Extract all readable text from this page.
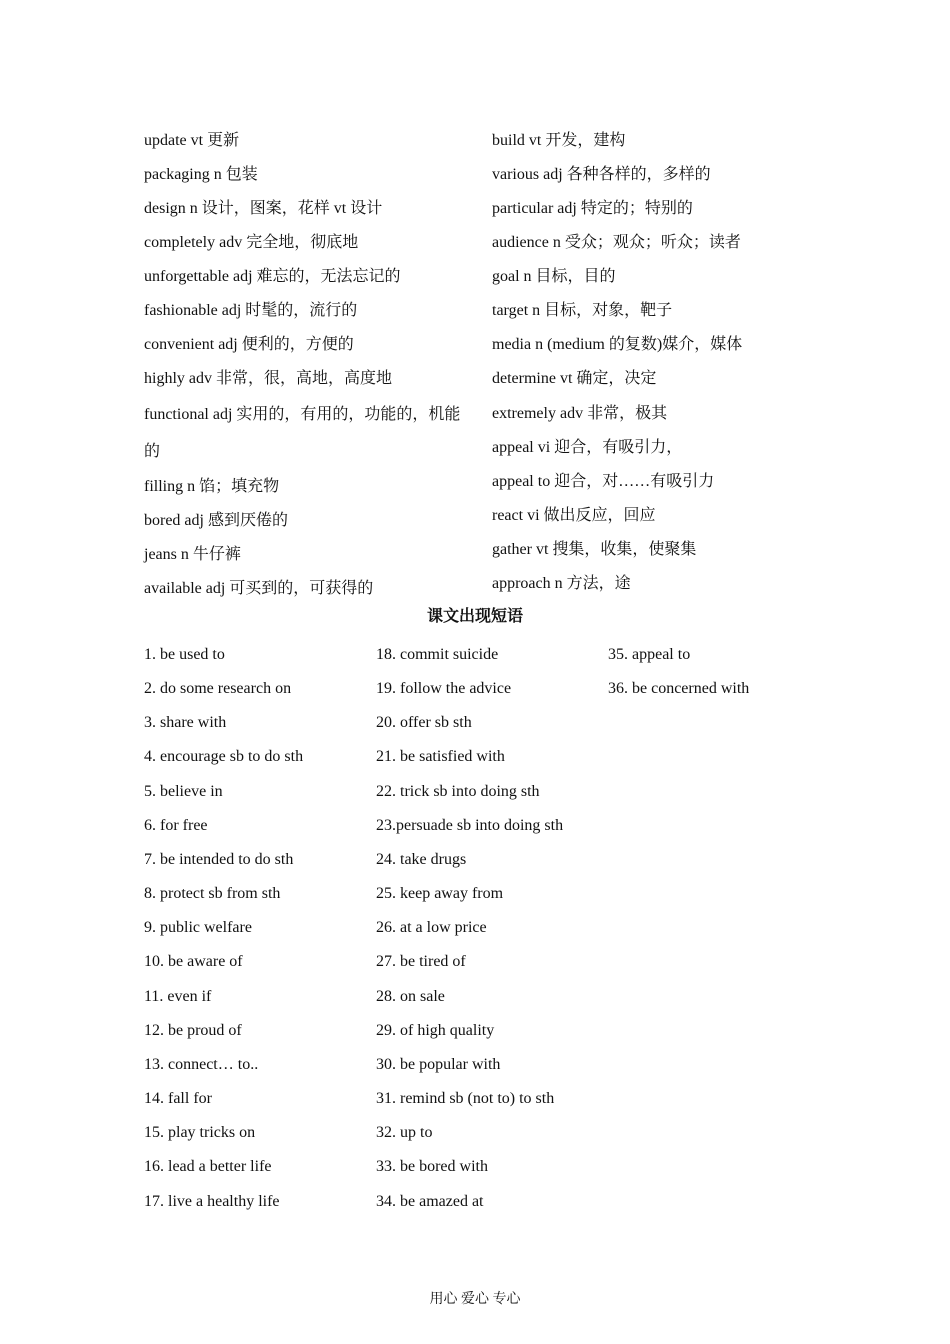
update vt 更新
packaging n 包装
design n 设计，图案，花样 vt 设计
completely adv 完全地，彻底地
unforgettable adj 难忘的，无法忘记的
fashionable adj 时髦的，流行的
convenient adj 便利的，方便的
highly adv 非常，很，高地，高度地
functional adj 实用的，有用的，功能的，机能的
filling n 馅；填充物
bored adj 感到厌倦的
jeans n 牛仔裤
available adj 可买到的，可获得的
build vt 开发，建构
various adj 各种各样的，多样的
particular adj 特定的；特别的
audience n 受众；观众；听众；读者
goal n 目标，目的
target n 目标，对象，靶子
media n (medium 的复数)媒介，媒体
determine vt 确定，决定
extremely adv 非常，极其
appeal vi 迎合，有吸引力，
appeal to 迎合，对……有吸引力
react vi 做出反应，回应
gather vt 搜集，收集，使聚集
approach n 方法，途
课文出现短语
1. be used to
2. do some research on
3. share with
4. encourage sb to do sth
5. believe in
6. for free
7. be intended to do sth
8. protect sb from sth
9. public welfare
10. be aware of
11. even if
12. be proud of
13. connect… to..
14. fall for
15. play tricks on
16. lead a better life
17. live a healthy life
18. commit suicide
19. follow the advice
20. offer sb sth
21. be satisfied with
22. trick sb into doing sth
23.persuade sb into doing sth
24. take drugs
25. keep away from
26. at a low price
27. be tired of
28. on sale
29. of high quality
30. be popular with
31. remind sb (not to) to sth
32. up to
33. be bored with
34. be amazed at
35. appeal to
36. be concerned with
用心 爱心 专心
